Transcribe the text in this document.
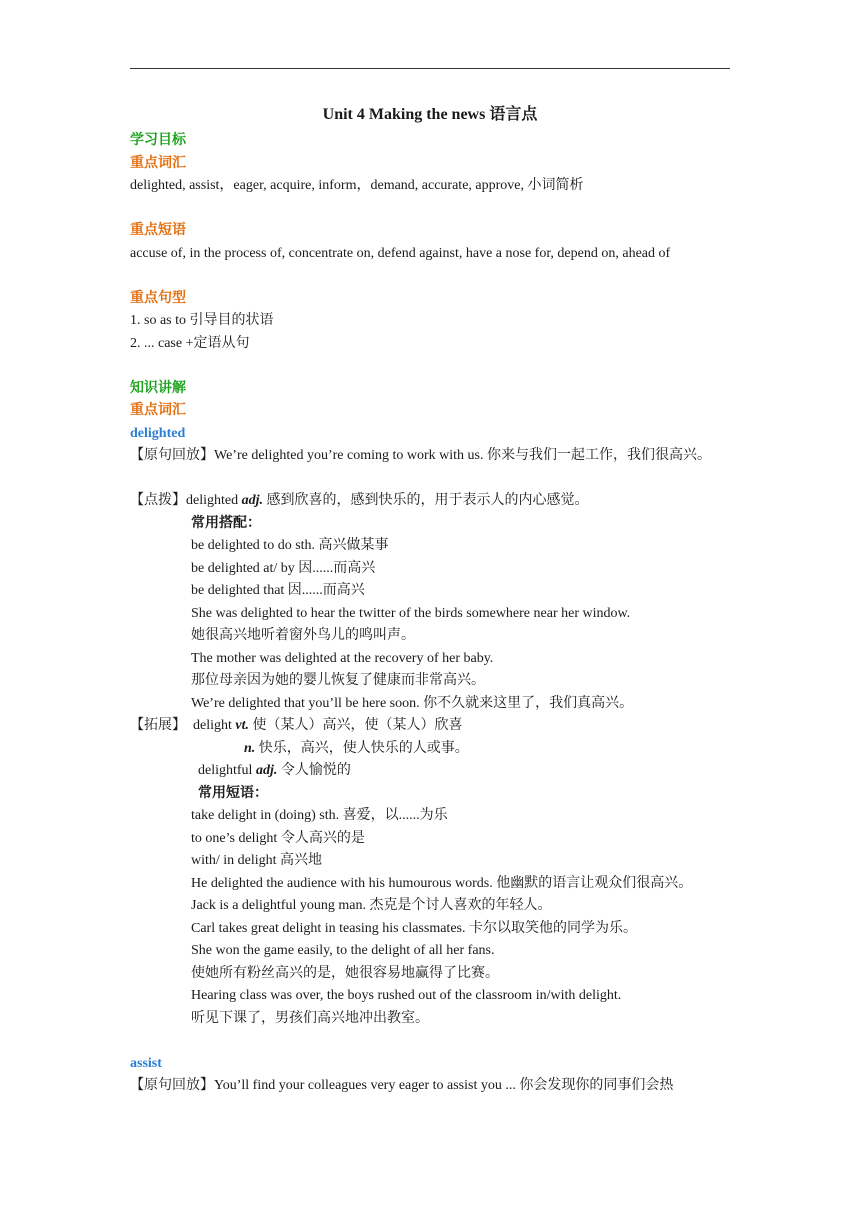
Unit 4 Making the news 语言点
学习目标
重点词汇
delighted, assist，eager, acquire, inform，demand, accurate, approve, 小词简析
重点短语
accuse of, in the process of, concentrate on, defend against, have a nose for, depend on, ahead of
重点句型
1. so as to 引导目的状语
2. ... case +定语从句
知识讲解
重点词汇
delighted
【原句回放】We’re delighted you’re coming to work with us. 你来与我们一起工作，我们很高兴。
【点拨】delighted adj. 感到欣喜的，感到快乐的，用于表示人的内心感觉。
常用搭配：
be delighted to do sth. 高兴做某事
be delighted at/ by 因......而高兴
be delighted that 因......而高兴
She was delighted to hear the twitter of the birds somewhere near her window.
她很高兴地听着窗外鸟儿的鸣叫声。
The mother was delighted at the recovery of her baby.
那位母亲因为她的婴儿恢复了健康而非常高兴。
We’re delighted that you’ll be here soon. 你不久就来这里了，我们真高兴。
【拓展】 delight vt. 使（某人）高兴，使（某人）欣喜
n. 快乐，高兴，使人快乐的人或事。
delightful adj. 令人愉悦的
常用短语：
take delight in (doing) sth. 喜爱，以......为乐
to one’s delight 令人高兴的是
with/ in delight 高兴地
He delighted the audience with his humourous words. 他幽默的语言让观众们很高兴。
Jack is a delightful young man. 杰克是个讨人喜欢的年轻人。
Carl takes great delight in teasing his classmates. 卡尔以取笑他的同学为乐。
She won the game easily, to the delight of all her fans.
使她所有粉丝高兴的是，她很容易地赢得了比赛。
Hearing class was over, the boys rushed out of the classroom in/with delight.
听见下课了，男孩们高兴地冲出教室。
assist
【原句回放】You’ll find your colleagues very eager to assist you ... 你会发现你的同事们会热
